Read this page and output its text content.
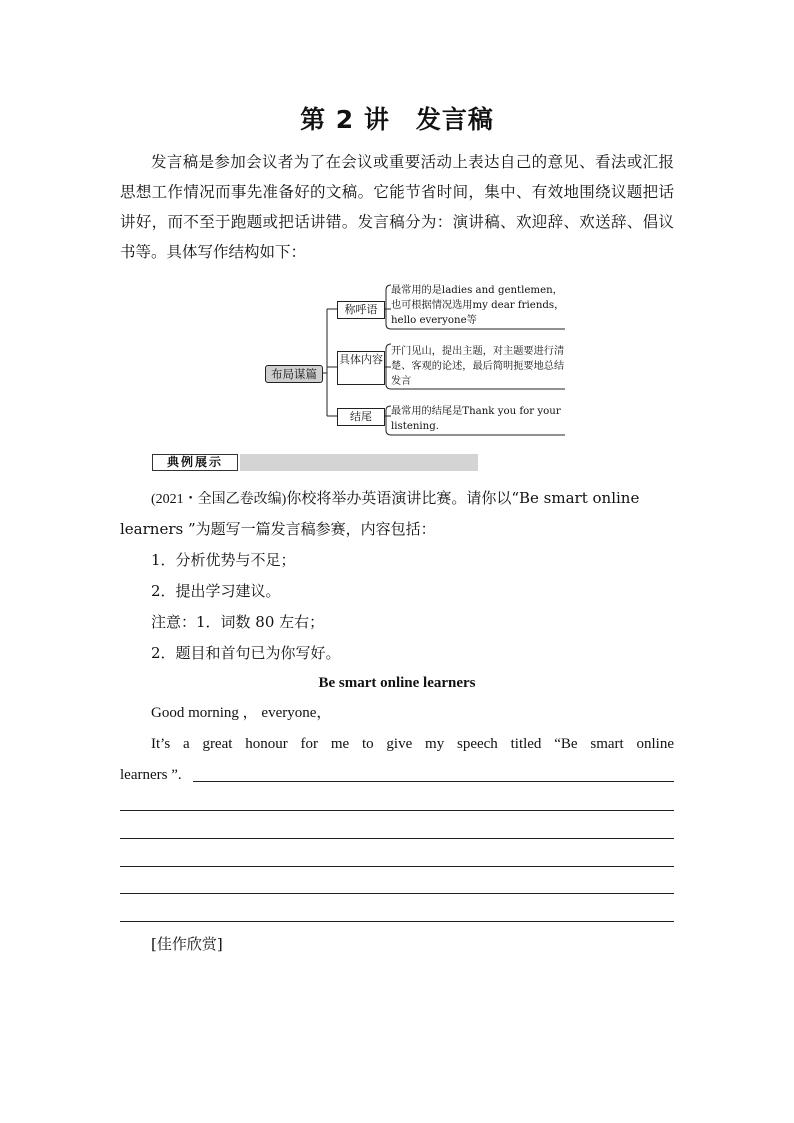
第 2 讲　发言稿
发言稿是参加会议者为了在会议或重要活动上表达自己的意见、看法或汇报思想工作情况而事先准备好的文稿。它能节省时间，集中、有效地围绕议题把话讲好，而不至于跑题或把话讲错。发言稿分为：演讲稿、欢迎辞、欢送辞、倡议书等。具体写作结构如下：
布局谋篇
称呼语
具体内容
结尾
最常用的是ladies and gentlemen，也可根据情况选用my dear friends，hello everyone等
开门见山，提出主题，对主题要进行清楚、客观的论述，最后简明扼要地总结发言
最常用的结尾是Thank you for your listening.
典例展示
(2021・全国乙卷改编)你校将举办英语演讲比赛。请你以“Be smart online
learners ”为题写一篇发言稿参赛，内容包括：
1．分析优势与不足；
2．提出学习建议。
注意：1．词数 80 左右；
2．题目和首句已为你写好。
Be smart online learners
Good morning ， everyone，
It’s a great honour for me to give my speech titled “Be smart online
learners ”.
[佳作欣赏]
